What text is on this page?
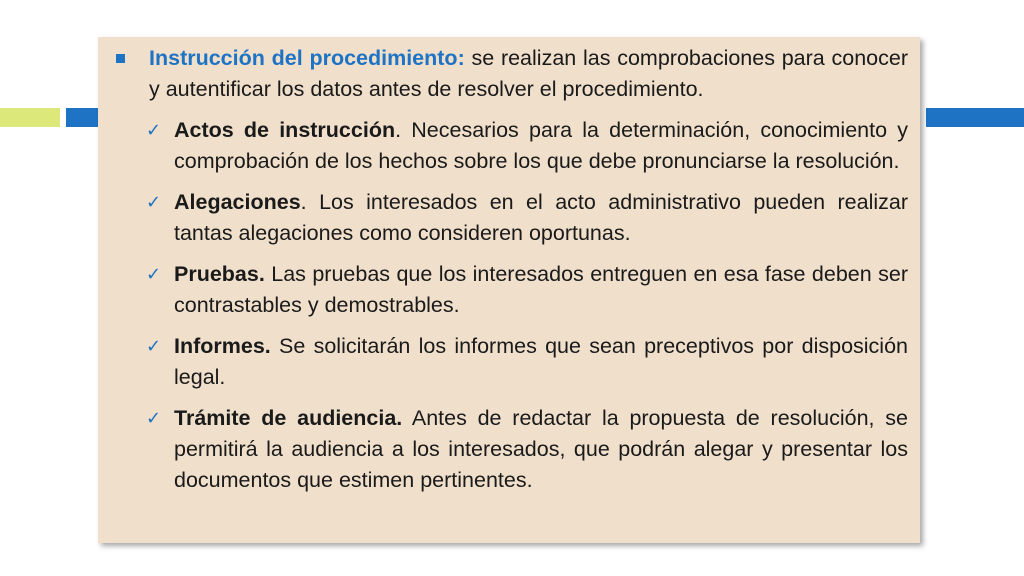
Instrucción del procedimiento: se realizan las comprobaciones para conocer y autentificar los datos antes de resolver el procedimiento.
✓ Actos de instrucción. Necesarios para la determinación, conocimiento y comprobación de los hechos sobre los que debe pronunciarse la resolución.
✓ Alegaciones. Los interesados en el acto administrativo pueden realizar tantas alegaciones como consideren oportunas.
✓ Pruebas. Las pruebas que los interesados entreguen en esa fase deben ser contrastables y demostrables.
✓ Informes. Se solicitarán los informes que sean preceptivos por disposición legal.
✓ Trámite de audiencia. Antes de redactar la propuesta de resolución, se permitirá la audiencia a los interesados, que podrán alegar y presentar los documentos que estimen pertinentes.
